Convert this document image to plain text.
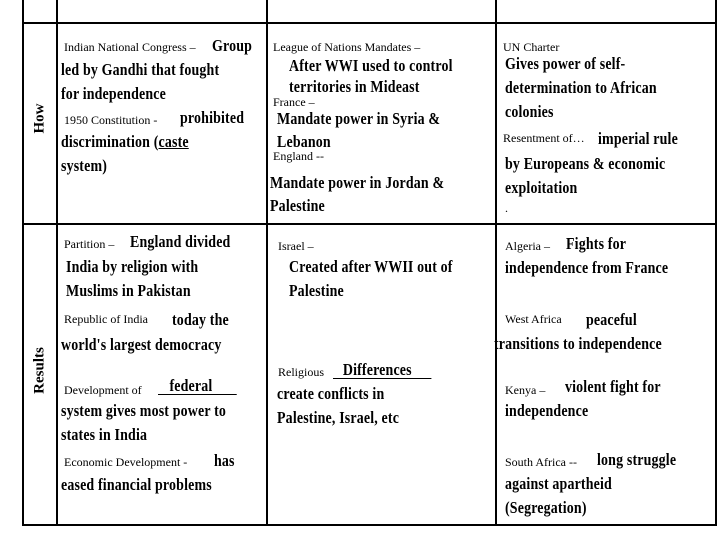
How
Results
Indian National Congress – Group
led by Gandhi that fought
for independence
1950 Constitution - prohibited
discrimination (caste
system)
League of Nations Mandates –
After WWI used to control
territories in Mideast
France –
Mandate power in Syria &
Lebanon
England --
Mandate power in Jordan &
Palestine
UN Charter
Gives power of self-
determination to African
colonies
Resentment of… imperial rule
by Europeans & economic
exploitation
.
Partition – England divided
India by religion with
Muslims in Pakistan
Republic of India today the
world's largest democracy
Development of	federal
system gives most power to
states in India
Economic Development - has
eased financial problems
Israel –
Created after WWII out of
Palestine
Religious	Differences
create conflicts in
Palestine, Israel, etc
Algeria – Fights for
independence from France
West Africa peaceful
transitions to independence
Kenya – violent fight for
independence
South Africa -- long struggle
against apartheid
(Segregation)
